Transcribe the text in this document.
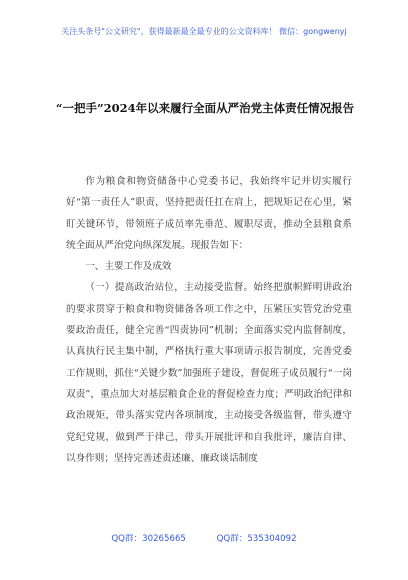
关注头条号"公文研究"，获得最新最全最专业的公文资料库！ 微信：gongwenyj
“一把手”2024年以来履行全面从严治党主体责任情况报告

作为粮食和物资储备中心党委书记，我始终牢记并切实履行好“第一责任人”职责，坚持把责任扛在肩上，把规矩记在心里，紧盯关键环节，带领班子成员率先垂范、履职尽责，推动全县粮食系统全面从严治党向纵深发展。现报告如下：

一、主要工作及成效

（一）提高政治站位，主动接受监督。始终把旗帜鲜明讲政治的要求贯穿于粮食和物资储备各项工作之中，压紧压实管党治党重要政治责任，健全完善“四责协同”机制；全面落实党内监督制度，认真执行民主集中制，严格执行重大事项请示报告制度，完善党委工作规则，抓住“关键少数”加强班子建设，督促班子成员履行“一岗双责”，重点加大对基层粮食企业的督促检查力度；严明政治纪律和政治规矩，带头落实党内各项制度，主动接受各级监督，带头遵守党纪党规，做到严于律己，带头开展批评和自我批评，廉洁自律、以身作则；坚持完善述责述廉、廉政谈话制度

QQ群：30265665	QQ群：535304092
